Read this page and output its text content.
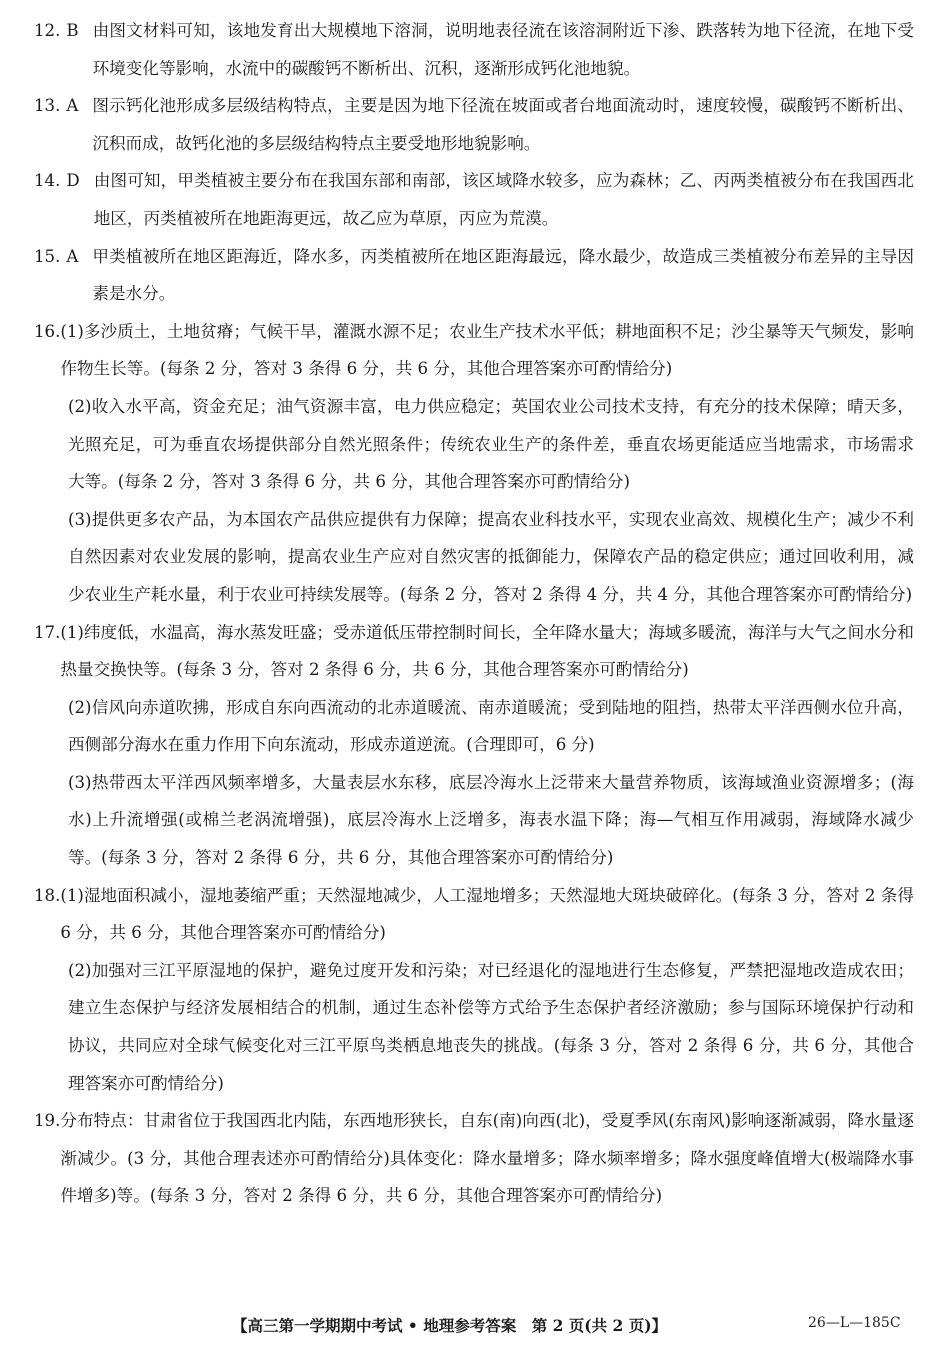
12. B 由图文材料可知，该地发育出大规模地下溶洞，说明地表径流在该溶洞附近下渗、跌落转为地下径流，在地下受环境变化等影响，水流中的碳酸钙不断析出、沉积，逐渐形成钙化池地貌。
13. A 图示钙化池形成多层级结构特点，主要是因为地下径流在坡面或者台地面流动时，速度较慢，碳酸钙不断析出、沉积而成，故钙化池的多层级结构特点主要受地形地貌影响。
14. D 由图可知，甲类植被主要分布在我国东部和南部，该区域降水较多，应为森林；乙、丙两类植被分布在我国西北地区，丙类植被所在地距海更远，故乙应为草原，丙应为荒漠。
15. A 甲类植被所在地区距海近，降水多，丙类植被所在地区距海最远，降水最少，故造成三类植被分布差异的主导因素是水分。
16. (1)多沙质土，土地贫瘠；气候干旱，灌溉水源不足；农业生产技术水平低；耕地面积不足；沙尘暴等天气频发，影响作物生长等。(每条 2 分，答对 3 条得 6 分，共 6 分，其他合理答案亦可酌情给分)
(2)收入水平高，资金充足；油气资源丰富，电力供应稳定；英国农业公司技术支持，有充分的技术保障；晴天多，光照充足，可为垂直农场提供部分自然光照条件；传统农业生产的条件差，垂直农场更能适应当地需求，市场需求大等。(每条 2 分，答对 3 条得 6 分，共 6 分，其他合理答案亦可酌情给分)
(3)提供更多农产品，为本国农产品供应提供有力保障；提高农业科技水平，实现农业高效、规模化生产；减少不利自然因素对农业发展的影响，提高农业生产应对自然灾害的抵御能力，保障农产品的稳定供应；通过回收利用，减少农业生产耗水量，利于农业可持续发展等。(每条 2 分，答对 2 条得 4 分，共 4 分，其他合理答案亦可酌情给分)
17. (1)纬度低，水温高，海水蒸发旺盛；受赤道低压带控制时间长，全年降水量大；海域多暖流，海洋与大气之间水分和热量交换快等。(每条 3 分，答对 2 条得 6 分，共 6 分，其他合理答案亦可酌情给分)
(2)信风向赤道吹拂，形成自东向西流动的北赤道暖流、南赤道暖流；受到陆地的阻挡，热带太平洋西侧水位升高，西侧部分海水在重力作用下向东流动，形成赤道逆流。(合理即可，6 分)
(3)热带西太平洋西风频率增多，大量表层水东移，底层冷海水上泛带来大量营养物质，该海域渔业资源增多；(海水)上升流增强(或棉兰老涡流增强)，底层冷海水上泛增多，海表水温下降；海—气相互作用减弱，海域降水减少等。(每条 3 分，答对 2 条得 6 分，共 6 分，其他合理答案亦可酌情给分)
18. (1)湿地面积减小，湿地萎缩严重；天然湿地减少，人工湿地增多；天然湿地大斑块破碎化。(每条 3 分，答对 2 条得 6 分，共 6 分，其他合理答案亦可酌情给分)
(2)加强对三江平原湿地的保护，避免过度开发和污染；对已经退化的湿地进行生态修复，严禁把湿地改造成农田；建立生态保护与经济发展相结合的机制，通过生态补偿等方式给予生态保护者经济激励；参与国际环境保护行动和协议，共同应对全球气候变化对三江平原鸟类栖息地丧失的挑战。(每条 3 分，答对 2 条得 6 分，共 6 分，其他合理答案亦可酌情给分)
19. 分布特点：甘肃省位于我国西北内陆，东西地形狭长，自东(南)向西(北)，受夏季风(东南风)影响逐渐减弱，降水量逐渐减少。(3 分，其他合理表述亦可酌情给分)具体变化：降水量增多；降水频率增多；降水强度峰值增大(极端降水事件增多)等。(每条 3 分，答对 2 条得 6 分，共 6 分，其他合理答案亦可酌情给分)
【高三第一学期期中考试 • 地理参考答案　第 2 页(共 2 页)】	26—L—185C
